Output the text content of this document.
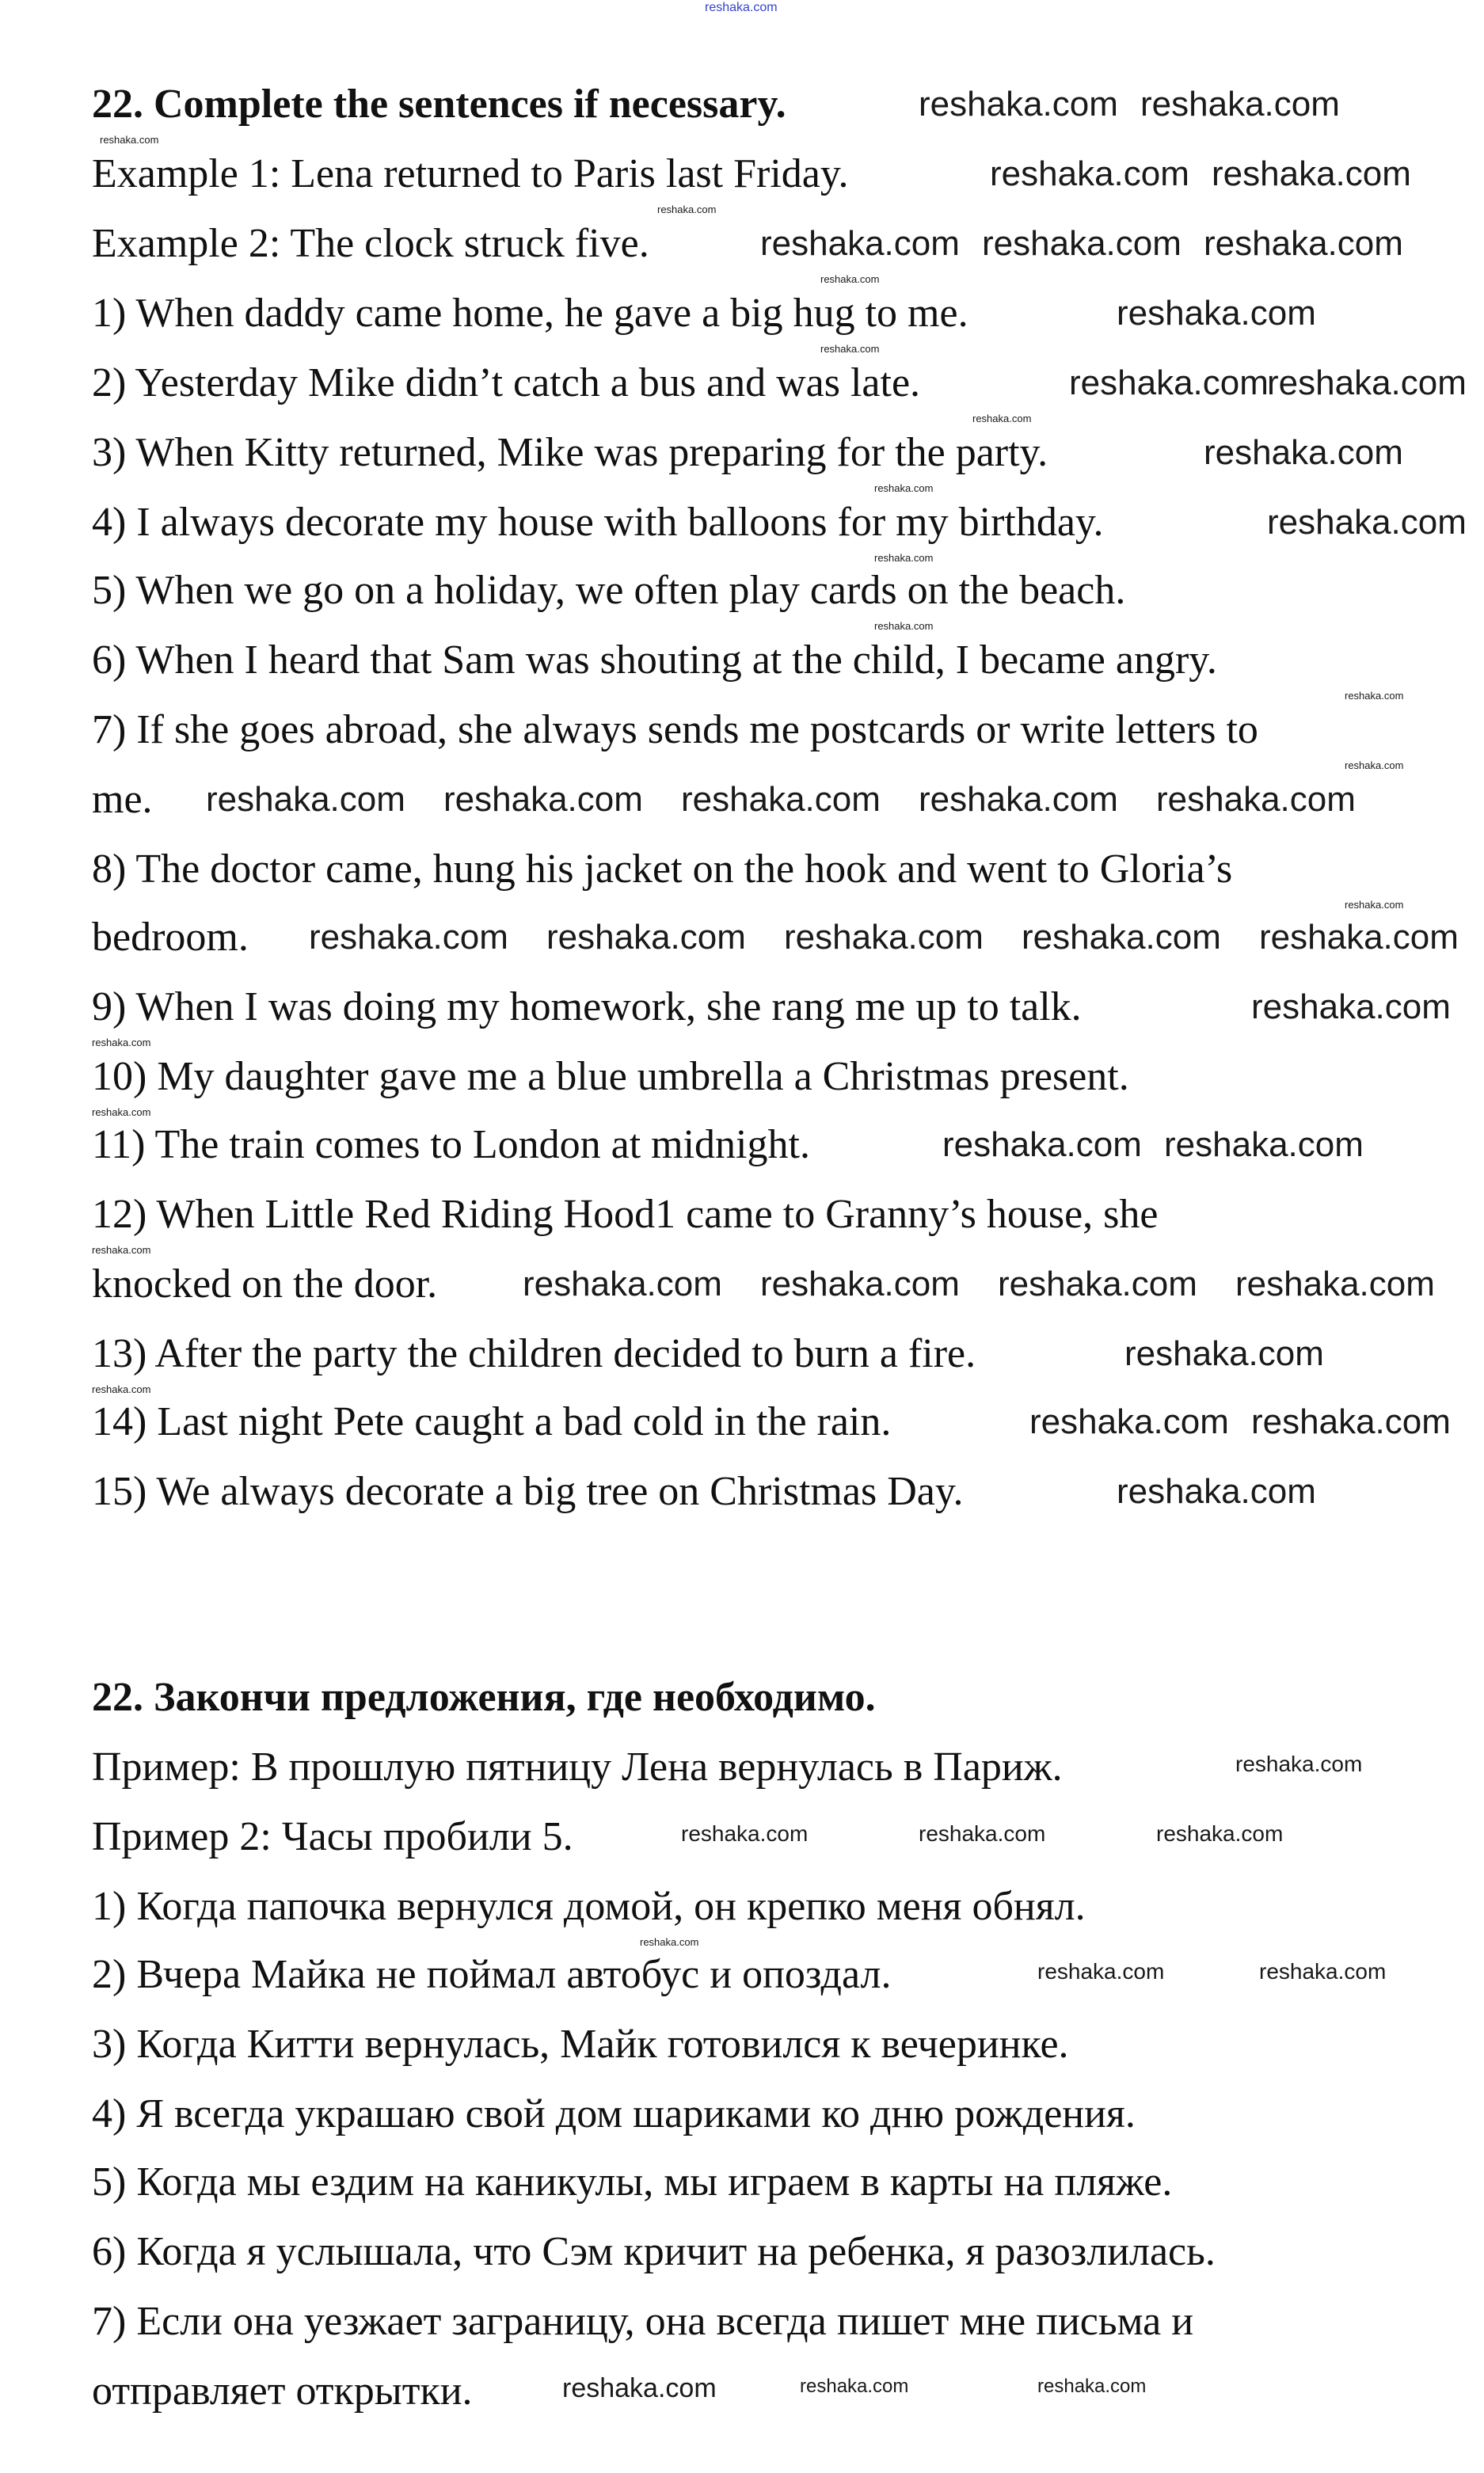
22. Complete the sentences if necessary.
Example 1: Lena returned to Paris last Friday.
Example 2: The clock struck five.
1) When daddy came home, he gave a big hug to me.
2) Yesterday Mike didn’t catch a bus and was late.
3) When Kitty returned, Mike was preparing for the party.
4) I always decorate my house with balloons for my birthday.
5) When we go on a holiday, we often play cards on the beach.
6) When I heard that Sam was shouting at the child, I became angry.
7) If she goes abroad, she always sends me postcards or write letters to
me.
8) The doctor came, hung his jacket on the hook and went to Gloria’s
bedroom.
9) When I was doing my homework, she rang me up to talk.
10) My daughter gave me a blue umbrella a Christmas present.
11) The train comes to London at midnight.
12) When Little Red Riding Hood1 came to Granny’s house, she
knocked on the door.
13) After the party the children decided to burn a fire.
14) Last night Pete caught a bad cold in the rain.
15) We always decorate a big tree on Christmas Day.
22. Закончи предложения, где необходимо.
Пример: В прошлую пятницу Лена вернулась в Париж.
Пример 2: Часы пробили 5.
1) Когда папочка вернулся домой, он крепко меня обнял.
2) Вчера Майка не поймал автобус и опоздал.
3) Когда Китти вернулась, Майк готовился к вечеринке.
4) Я всегда украшаю свой дом шариками ко дню рождения.
5) Когда мы ездим на каникулы, мы играем в карты на пляже.
6) Когда я услышала, что Сэм кричит на ребенка, я разозлилась.
7) Если она уезжает заграницу, она всегда пишет мне письма и
отправляет открытки.
reshaka.com
reshaka.com reshaka.com
reshaka.com reshaka.com
reshaka.com reshaka.com reshaka.com
reshaka.com
reshaka.com
reshaka.com
reshaka.com
reshaka.com
reshaka.com reshaka.com reshaka.com reshaka.com reshaka.com
reshaka.com reshaka.com reshaka.com reshaka.com reshaka.com
reshaka.com
reshaka.com reshaka.com
reshaka.com reshaka.com reshaka.com reshaka.com
reshaka.com
reshaka.com reshaka.com
reshaka.com
reshaka.com
reshaka.com	reshaka.com	reshaka.com
reshaka.com	reshaka.com
reshaka.com	reshaka.com	reshaka.com
reshaka.com
reshaka.com
reshaka.com
reshaka.com
reshaka.com
reshaka.com
reshaka.com
reshaka.com
reshaka.com
reshaka.com
reshaka.com
reshaka.com
reshaka.com
reshaka.com
reshaka.com
reshaka.com
